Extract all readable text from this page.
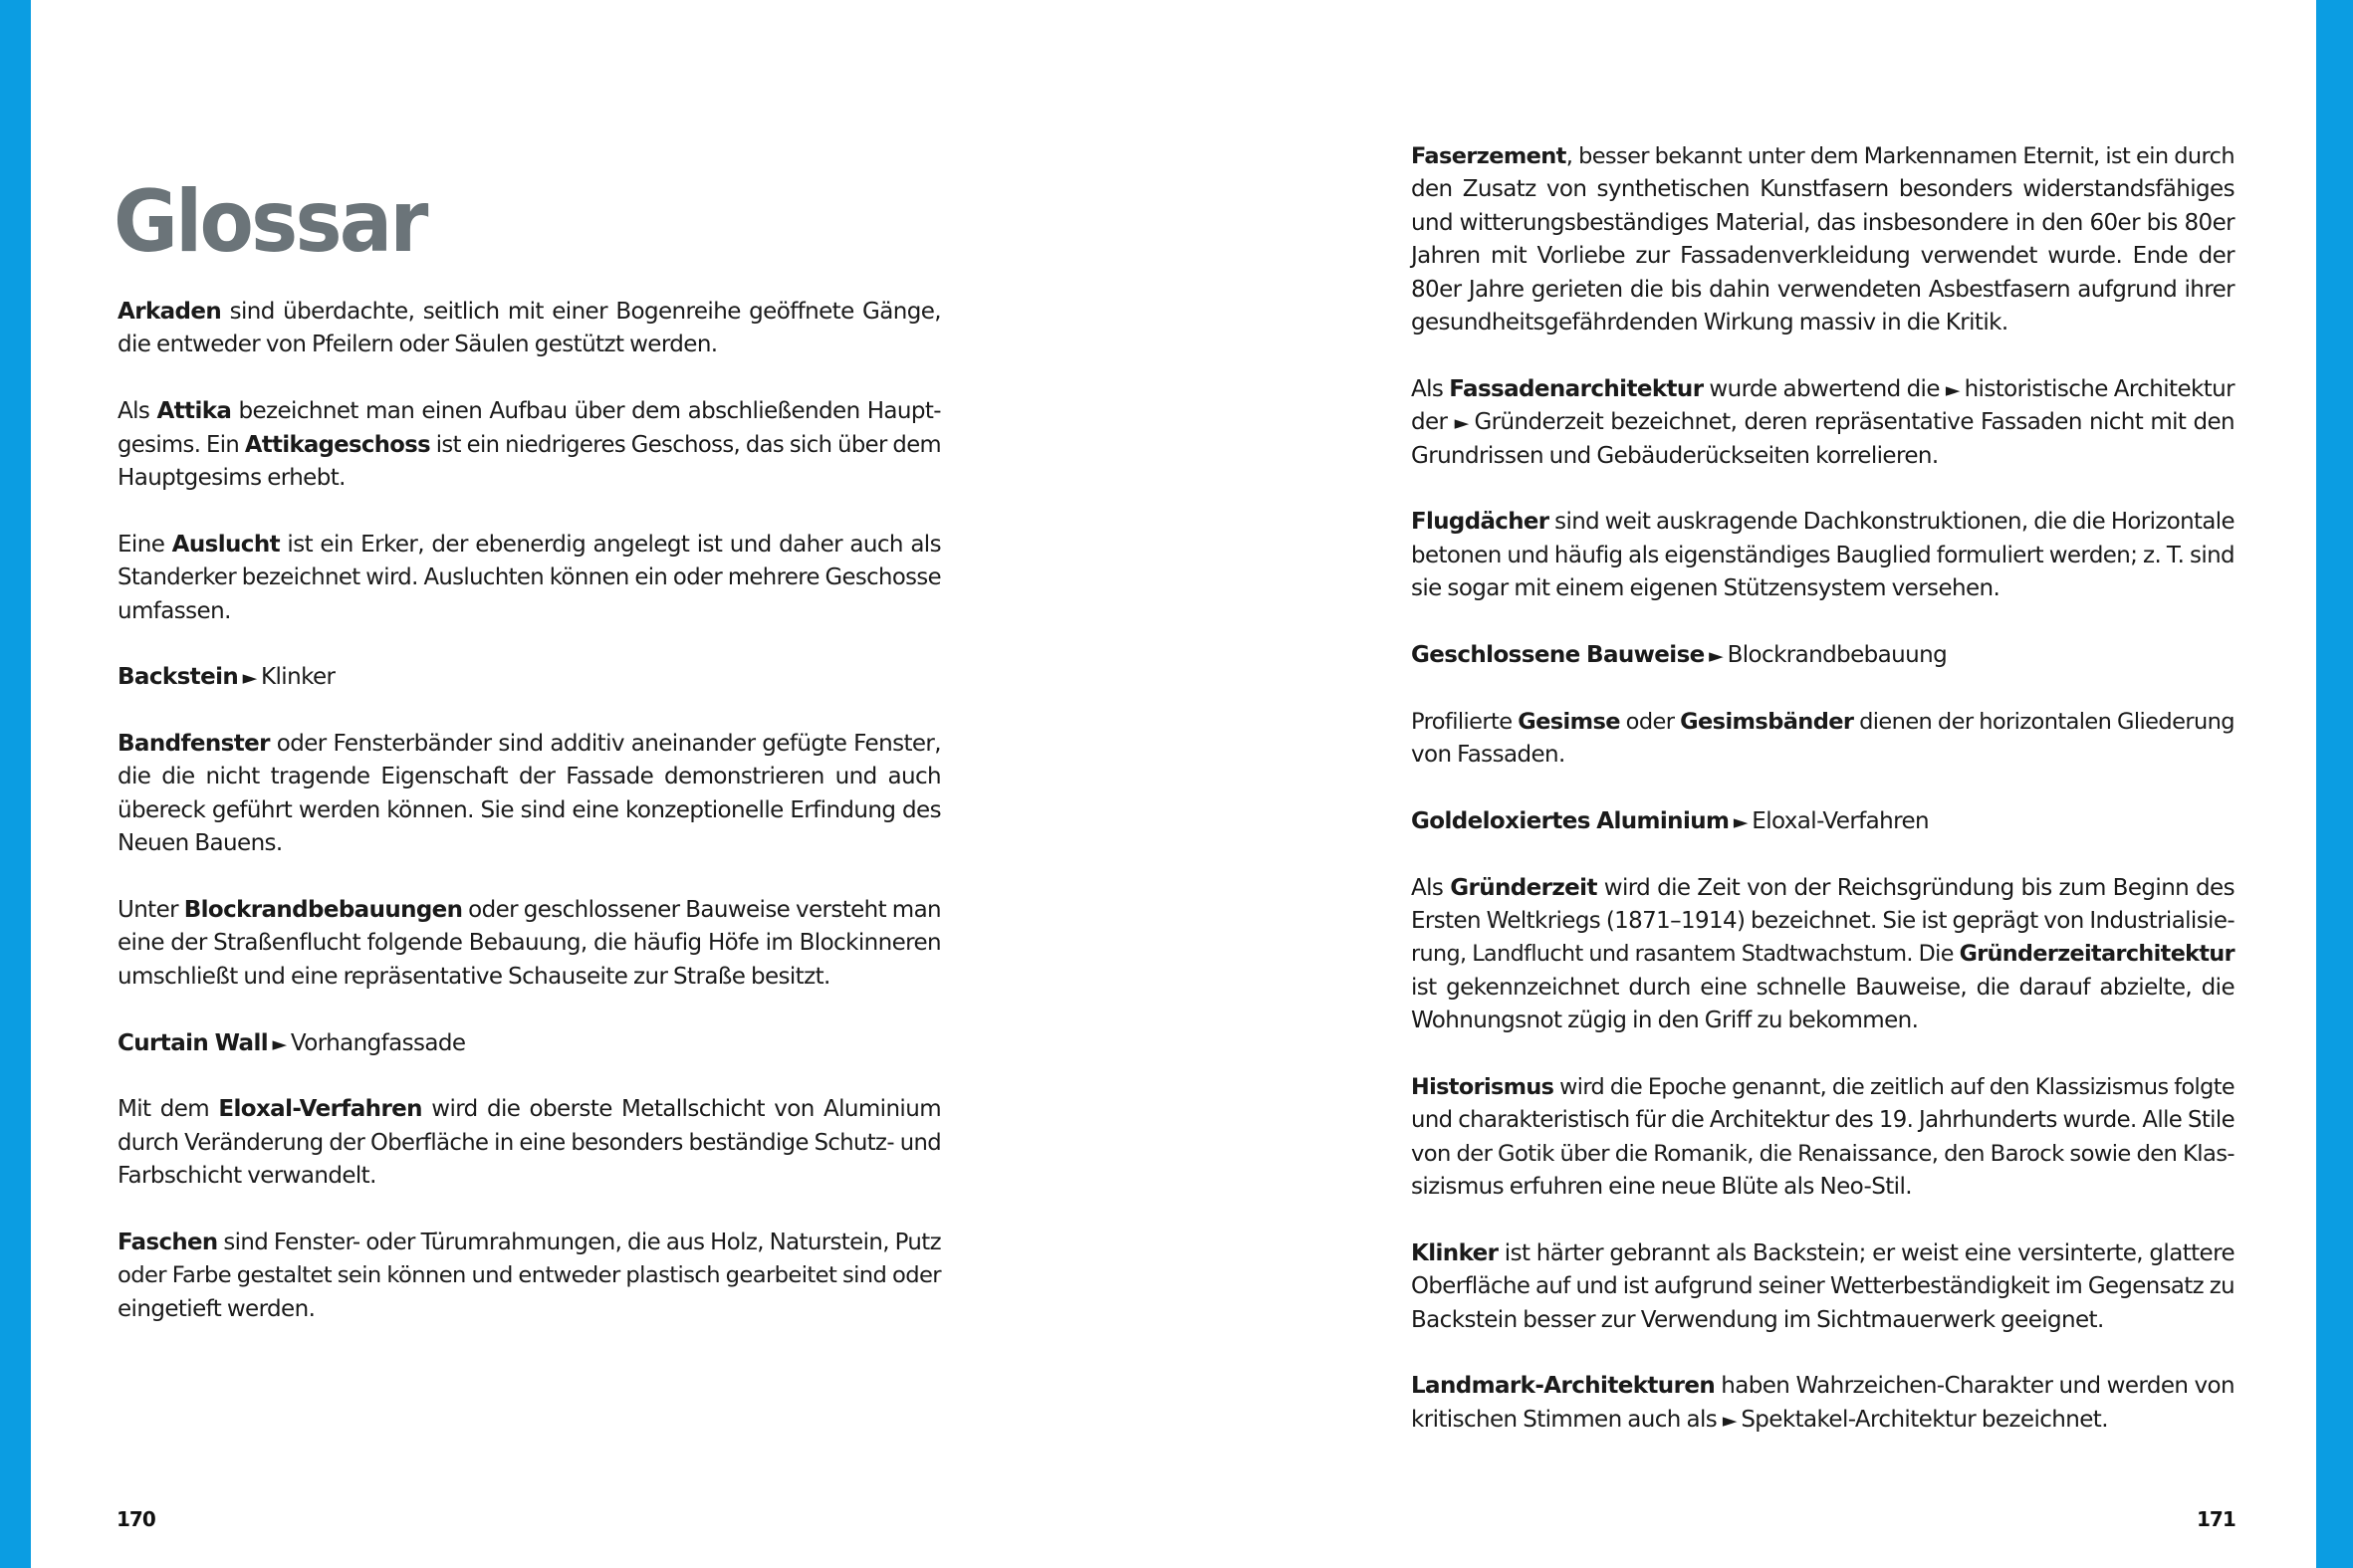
Glossar
Arkaden sind überdachte, seitlich mit einer Bogenreihe geöffnete Gänge,
die entweder von Pfeilern oder Säulen gestützt werden.
Als Attika bezeichnet man einen Aufbau über dem abschließenden Haupt-
gesims. Ein Attikageschoss ist ein niedrigeres Geschoss, das sich über dem
Hauptgesims erhebt.
Eine Auslucht ist ein Erker, der ebenerdig angelegt ist und daher auch als
Standerker bezeichnet wird. Ausluchten können ein oder mehrere Geschosse
umfassen.
Backstein ► Klinker
Bandfenster oder Fensterbänder sind additiv aneinander gefügte Fenster,
die die nicht tragende Eigenschaft der Fassade demonstrieren und auch
übereck geführt werden können. Sie sind eine konzeptionelle Erfindung des
Neuen Bauens.
Unter Blockrandbebauungen oder geschlossener Bauweise versteht man
eine der Straßenflucht folgende Bebauung, die häufig Höfe im Blockinneren
umschließt und eine repräsentative Schauseite zur Straße besitzt.
Curtain Wall ► Vorhangfassade
Mit dem Eloxal-Verfahren wird die oberste Metallschicht von Aluminium
durch Veränderung der Oberfläche in eine besonders beständige Schutz- und
Farbschicht verwandelt.
Faschen sind Fenster- oder Türumrahmungen, die aus Holz, Naturstein, Putz
oder Farbe gestaltet sein können und entweder plastisch gearbeitet sind oder
eingetieft werden.
Faserzement, besser bekannt unter dem Markennamen Eternit, ist ein durch
den Zusatz von synthetischen Kunstfasern besonders widerstandsfähiges
und witterungsbeständiges Material, das insbesondere in den 60er bis 80er
Jahren mit Vorliebe zur Fassadenverkleidung verwendet wurde. Ende der
80er Jahre gerieten die bis dahin verwendeten Asbestfasern aufgrund ihrer
gesundheitsgefährdenden Wirkung massiv in die Kritik.
Als Fassadenarchitektur wurde abwertend die ► historistische Architektur
der ► Gründerzeit bezeichnet, deren repräsentative Fassaden nicht mit den
Grundrissen und Gebäuderückseiten korrelieren.
Flugdächer sind weit auskragende Dachkonstruktionen, die die Horizontale
betonen und häufig als eigenständiges Bauglied formuliert werden; z. T. sind
sie sogar mit einem eigenen Stützensystem versehen.
Geschlossene Bauweise ► Blockrandbebauung
Profilierte Gesimse oder Gesimsbänder dienen der horizontalen Gliederung
von Fassaden.
Goldeloxiertes Aluminium ► Eloxal-Verfahren
Als Gründerzeit wird die Zeit von der Reichsgründung bis zum Beginn des
Ersten Weltkriegs (1871–1914) bezeichnet. Sie ist geprägt von Industrialisie-
rung, Landflucht und rasantem Stadtwachstum. Die Gründerzeitarchitektur
ist gekennzeichnet durch eine schnelle Bauweise, die darauf abzielte, die
Wohnungsnot zügig in den Griff zu bekommen.
Historismus wird die Epoche genannt, die zeitlich auf den Klassizismus folgte
und charakteristisch für die Architektur des 19. Jahrhunderts wurde. Alle Stile
von der Gotik über die Romanik, die Renaissance, den Barock sowie den Klas-
sizismus erfuhren eine neue Blüte als Neo-Stil.
Klinker ist härter gebrannt als Backstein; er weist eine versinterte, glattere
Oberfläche auf und ist aufgrund seiner Wetterbeständigkeit im Gegensatz zu
Backstein besser zur Verwendung im Sichtmauerwerk geeignet.
Landmark-Architekturen haben Wahrzeichen-Charakter und werden von
kritischen Stimmen auch als ► Spektakel-Architektur bezeichnet.
170	171
